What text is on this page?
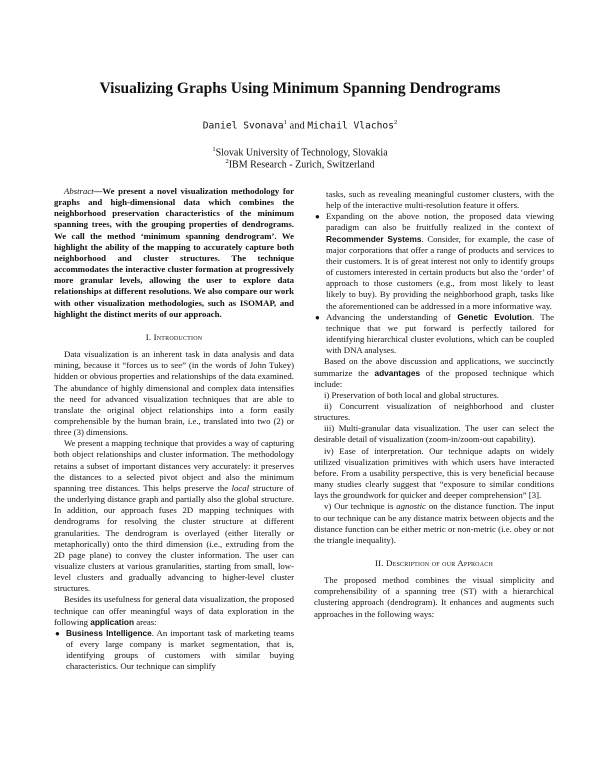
Visualizing Graphs Using Minimum Spanning Dendrograms
Daniel Svonava$^1$ and Michail Vlachos$^2$
$^1$Slovak University of Technology, Slovakia
$^2$IBM Research - Zurich, Switzerland

Abstract—We present a novel visualization methodology for graphs and high-dimensional data which combines the neighborhood preservation characteristics of the minimum spanning trees, with the grouping properties of dendrograms. We call the method ‘minimum spanning dendrogram’. We highlight the ability of the mapping to accurately capture both neighborhood and cluster structures. The technique accommodates the interactive cluster formation at progressively more granular levels, allowing the user to explore data relationships at different resolutions. We also compare our work with other visualization methodologies, such as ISOMAP, and highlight the distinct merits of our approach.

I. Introduction

Data visualization is an inherent task in data analysis and data mining, because it “forces us to see” (in the words of John Tukey) hidden or obvious properties and relationships of the data examined. The abundance of highly dimensional and complex data intensifies the need for advanced visualization techniques that are able to translate the original object relationships into a form easily comprehensible by the human brain, i.e., translated into two (2) or three (3) dimensions.

We present a mapping technique that provides a way of capturing both object relationships and cluster information. The methodology retains a subset of important distances very accurately: it preserves the distances to a selected pivot object and also the minimum spanning tree distances. This helps preserve the local structure of the underlying distance graph and partially also the global structure. In addition, our approach fuses 2D mapping techniques with dendrograms for resolving the cluster structure at different granularities. The dendrogram is overlayed (either literally or metaphorically) onto the third dimension (i.e., extruding from the 2D page plane) to convey the cluster information. The user can visualize clusters at various granularities, starting from small, low-level clusters and gradually advancing to higher-level cluster structures.

Besides its usefulness for general data visualization, the proposed technique can offer meaningful ways of data exploration in the following application areas:

● Business Intelligence. An important task of marketing teams of every large company is market segmentation, that is, identifying groups of customers with similar buying characteristics. Our technique can simplify
tasks, such as revealing meaningful customer clusters, with the help of the interactive multi-resolution feature it offers.
● Expanding on the above notion, the proposed data viewing paradigm can also be fruitfully realized in the context of Recommender Systems. Consider, for example, the case of major corporations that offer a range of products and services to their customers. It is of great interest not only to identify groups of customers interested in certain products but also the ‘order’ of approach to those customers (e.g., from most likely to least likely to buy). By providing the neighborhood graph, tasks like the aforementioned can be addressed in a more informative way.
● Advancing the understanding of Genetic Evolution. The technique that we put forward is perfectly tailored for identifying hierarchical cluster evolutions, which can be coupled with DNA analyses.

Based on the above discussion and applications, we succinctly summarize the advantages of the proposed technique which include:

i) Preservation of both local and global structures.

ii) Concurrent visualization of neighborhood and cluster structures.

iii) Multi-granular data visualization. The user can select the desirable detail of visualization (zoom-in/zoom-out capability).

iv) Ease of interpretation. Our technique adapts on widely utilized visualization primitives with which users have interacted before. From a usability perspective, this is very beneficial because many studies clearly suggest that “exposure to similar conditions lays the groundwork for quicker and deeper comprehension” [3].

v) Our technique is agnostic on the distance function. The input to our technique can be any distance matrix between objects and the distance function can be either metric or non-metric (i.e. obey or not the triangle inequality).

II. Description of our Approach

The proposed method combines the visual simplicity and comprehensibility of a spanning tree (ST) with a hierarchical clustering approach (dendrogram). It enhances and augments such approaches in the following ways:
